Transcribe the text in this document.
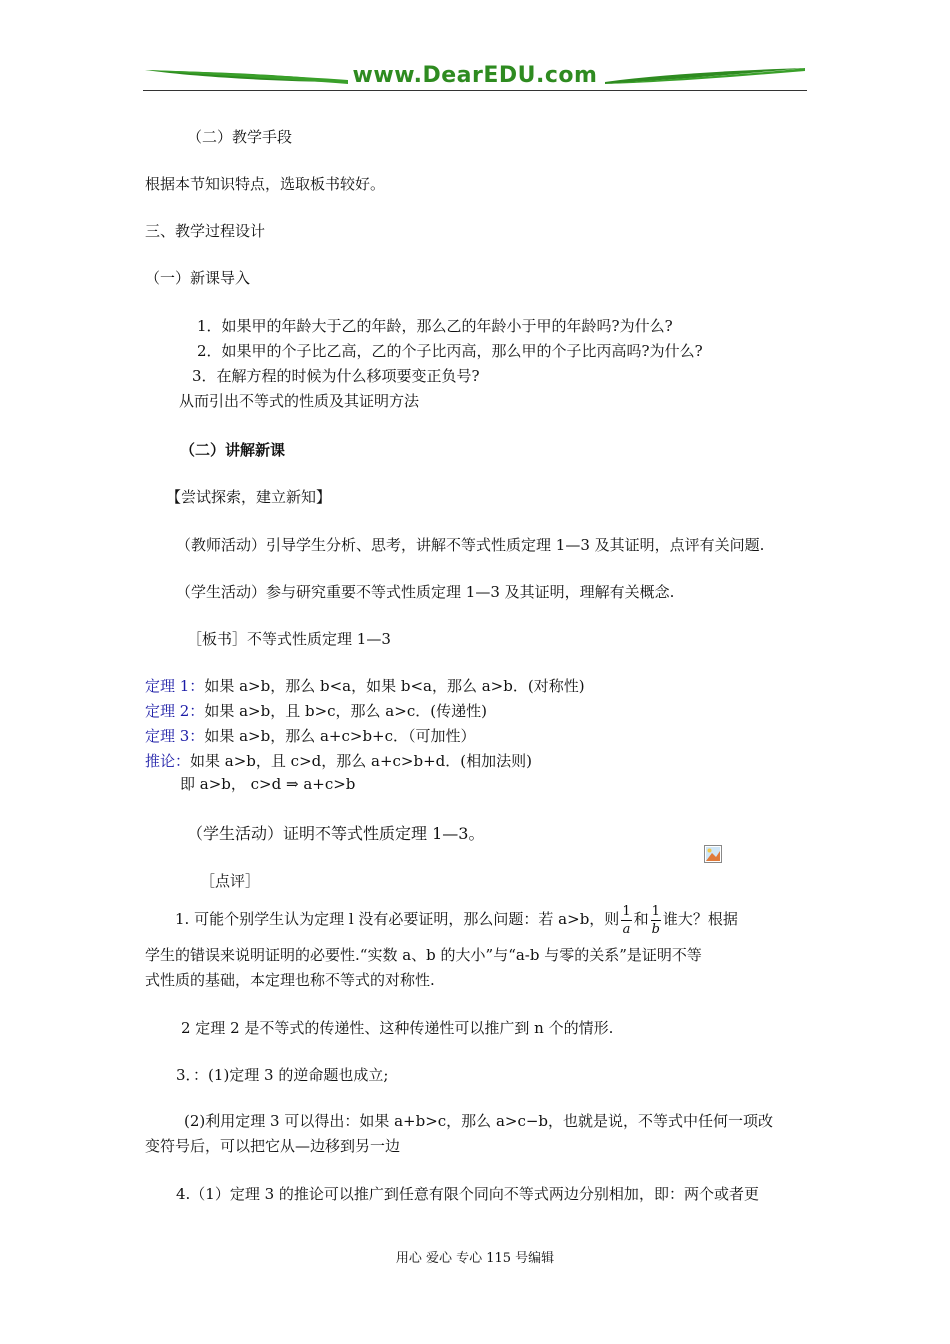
www.DearEDU.com
（二）教学手段
根据本节知识特点，选取板书较好。
三、教学过程设计
（一）新课导入
1．如果甲的年龄大于乙的年龄，那么乙的年龄小于甲的年龄吗?为什么?
2．如果甲的个子比乙高，乙的个子比丙高，那么甲的个子比丙高吗?为什么?
3．在解方程的时候为什么移项要变正负号?
从而引出不等式的性质及其证明方法
（二）讲解新课
【尝试探索，建立新知】
（教师活动）引导学生分析、思考，讲解不等式性质定理 1—3 及其证明，点评有关问题.
（学生活动）参与研究重要不等式性质定理 1—3 及其证明，理解有关概念.
［板书］不等式性质定理 1—3
定理 1：如果 a>b，那么 b<a，如果 b<a，那么 a>b．(对称性)
定理 2：如果 a>b，且 b>c，那么 a>c．(传递性)
定理 3：如果 a>b，那么 a+c>b+c．（可加性）
推论：如果 a>b，且 c>d，那么 a+c>b+d．(相加法则)
即 a>b， c>d ⇒ a+c>b
（学生活动）证明不等式性质定理 1—3。
［点评］
1. 可能个别学生认为定理 l 没有必要证明，那么问题：若 a>b，则 $\frac{1}{a}$ 和 $\frac{1}{b}$ 谁大？根据
学生的错误来说明证明的必要性.“实数 a、b 的大小”与“a-b 与零的关系”是证明不等
式性质的基础，本定理也称不等式的对称性.
2 定理 2 是不等式的传递性、这种传递性可以推广到 n 个的情形.
3．：(1)定理 3 的逆命题也成立;
(2)利用定理 3 可以得出：如果 a+b>c，那么 a>c−b，也就是说，不等式中任何一项改
变符号后，可以把它从—边移到另一边
4.（1）定理 3 的推论可以推广到任意有限个同向不等式两边分别相加，即：两个或者更
用心 爱心 专心 115 号编辑
